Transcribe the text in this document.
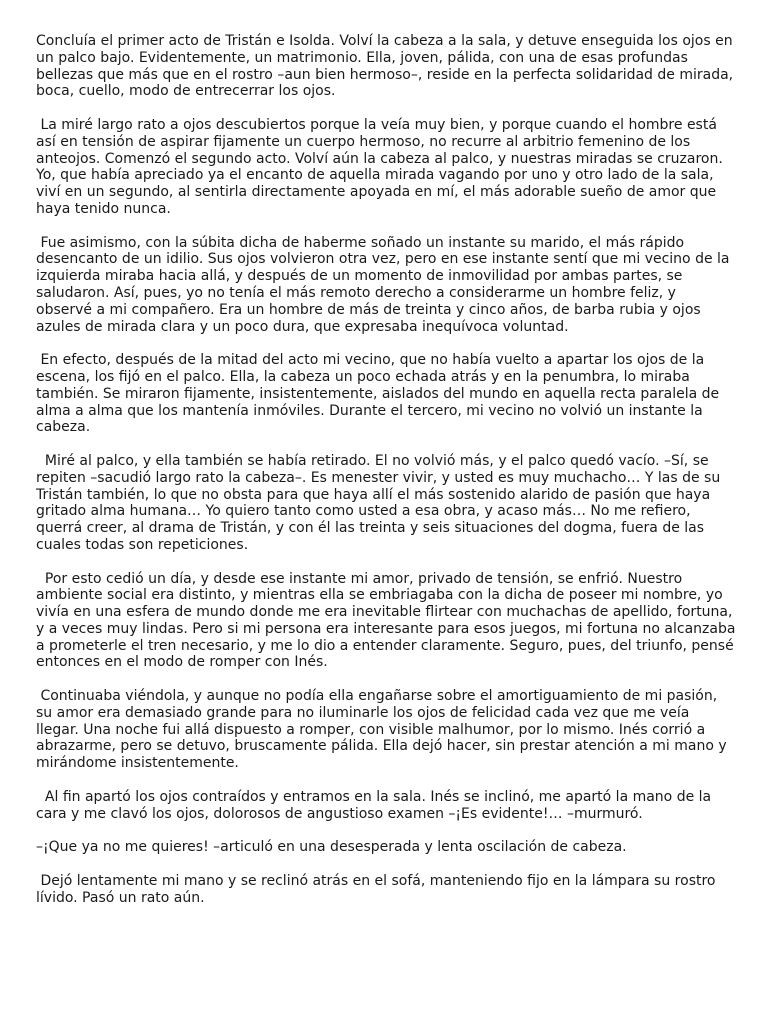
Concluía el primer acto de Tristán e Isolda. Volví la cabeza a la sala, y detuve enseguida los ojos en un palco bajo. Evidentemente, un matrimonio. Ella, joven, pálida, con una de esas profundas bellezas que más que en el rostro –aun bien hermoso–, reside en la perfecta solidaridad de mirada, boca, cuello, modo de entrecerrar los ojos.

La miré largo rato a ojos descubiertos porque la veía muy bien, y porque cuando el hombre está así en tensión de aspirar fijamente un cuerpo hermoso, no recurre al arbitrio femenino de los anteojos. Comenzó el segundo acto. Volví aún la cabeza al palco, y nuestras miradas se cruzaron. Yo, que había apreciado ya el encanto de aquella mirada vagando por uno y otro lado de la sala, viví en un segundo, al sentirla directamente apoyada en mí, el más adorable sueño de amor que haya tenido nunca.

Fue asimismo, con la súbita dicha de haberme soñado un instante su marido, el más rápido desencanto de un idilio. Sus ojos volvieron otra vez, pero en ese instante sentí que mi vecino de la izquierda miraba hacia allá, y después de un momento de inmovilidad por ambas partes, se saludaron. Así, pues, yo no tenía el más remoto derecho a considerarme un hombre feliz, y observé a mi compañero. Era un hombre de más de treinta y cinco años, de barba rubia y ojos azules de mirada clara y un poco dura, que expresaba inequívoca voluntad.

En efecto, después de la mitad del acto mi vecino, que no había vuelto a apartar los ojos de la escena, los fijó en el palco. Ella, la cabeza un poco echada atrás y en la penumbra, lo miraba también. Se miraron fijamente, insistentemente, aislados del mundo en aquella recta paralela de alma a alma que los mantenía inmóviles. Durante el tercero, mi vecino no volvió un instante la cabeza.

Miré al palco, y ella también se había retirado. El no volvió más, y el palco quedó vacío. –Sí, se repiten –sacudió largo rato la cabeza–. Es menester vivir, y usted es muy muchacho… Y las de su Tristán también, lo que no obsta para que haya allí el más sostenido alarido de pasión que haya gritado alma humana… Yo quiero tanto como usted a esa obra, y acaso más… No me refiero, querrá creer, al drama de Tristán, y con él las treinta y seis situaciones del dogma, fuera de las cuales todas son repeticiones.

Por esto cedió un día, y desde ese instante mi amor, privado de tensión, se enfrió. Nuestro ambiente social era distinto, y mientras ella se embriagaba con la dicha de poseer mi nombre, yo vivía en una esfera de mundo donde me era inevitable flirtear con muchachas de apellido, fortuna, y a veces muy lindas. Pero si mi persona era interesante para esos juegos, mi fortuna no alcanzaba a prometerle el tren necesario, y me lo dio a entender claramente. Seguro, pues, del triunfo, pensé entonces en el modo de romper con Inés.

Continuaba viéndola, y aunque no podía ella engañarse sobre el amortiguamiento de mi pasión, su amor era demasiado grande para no iluminarle los ojos de felicidad cada vez que me veía llegar. Una noche fui allá dispuesto a romper, con visible malhumor, por lo mismo. Inés corrió a abrazarme, pero se detuvo, bruscamente pálida. Ella dejó hacer, sin prestar atención a mi mano y mirándome insistentemente.

Al fin apartó los ojos contraídos y entramos en la sala. Inés se inclinó, me apartó la mano de la cara y me clavó los ojos, dolorosos de angustioso examen –¡Es evidente!… –murmuró.

–¡Que ya no me quieres! –articuló en una desesperada y lenta oscilación de cabeza.

Dejó lentamente mi mano y se reclinó atrás en el sofá, manteniendo fijo en la lámpara su rostro lívido. Pasó un rato aún.
